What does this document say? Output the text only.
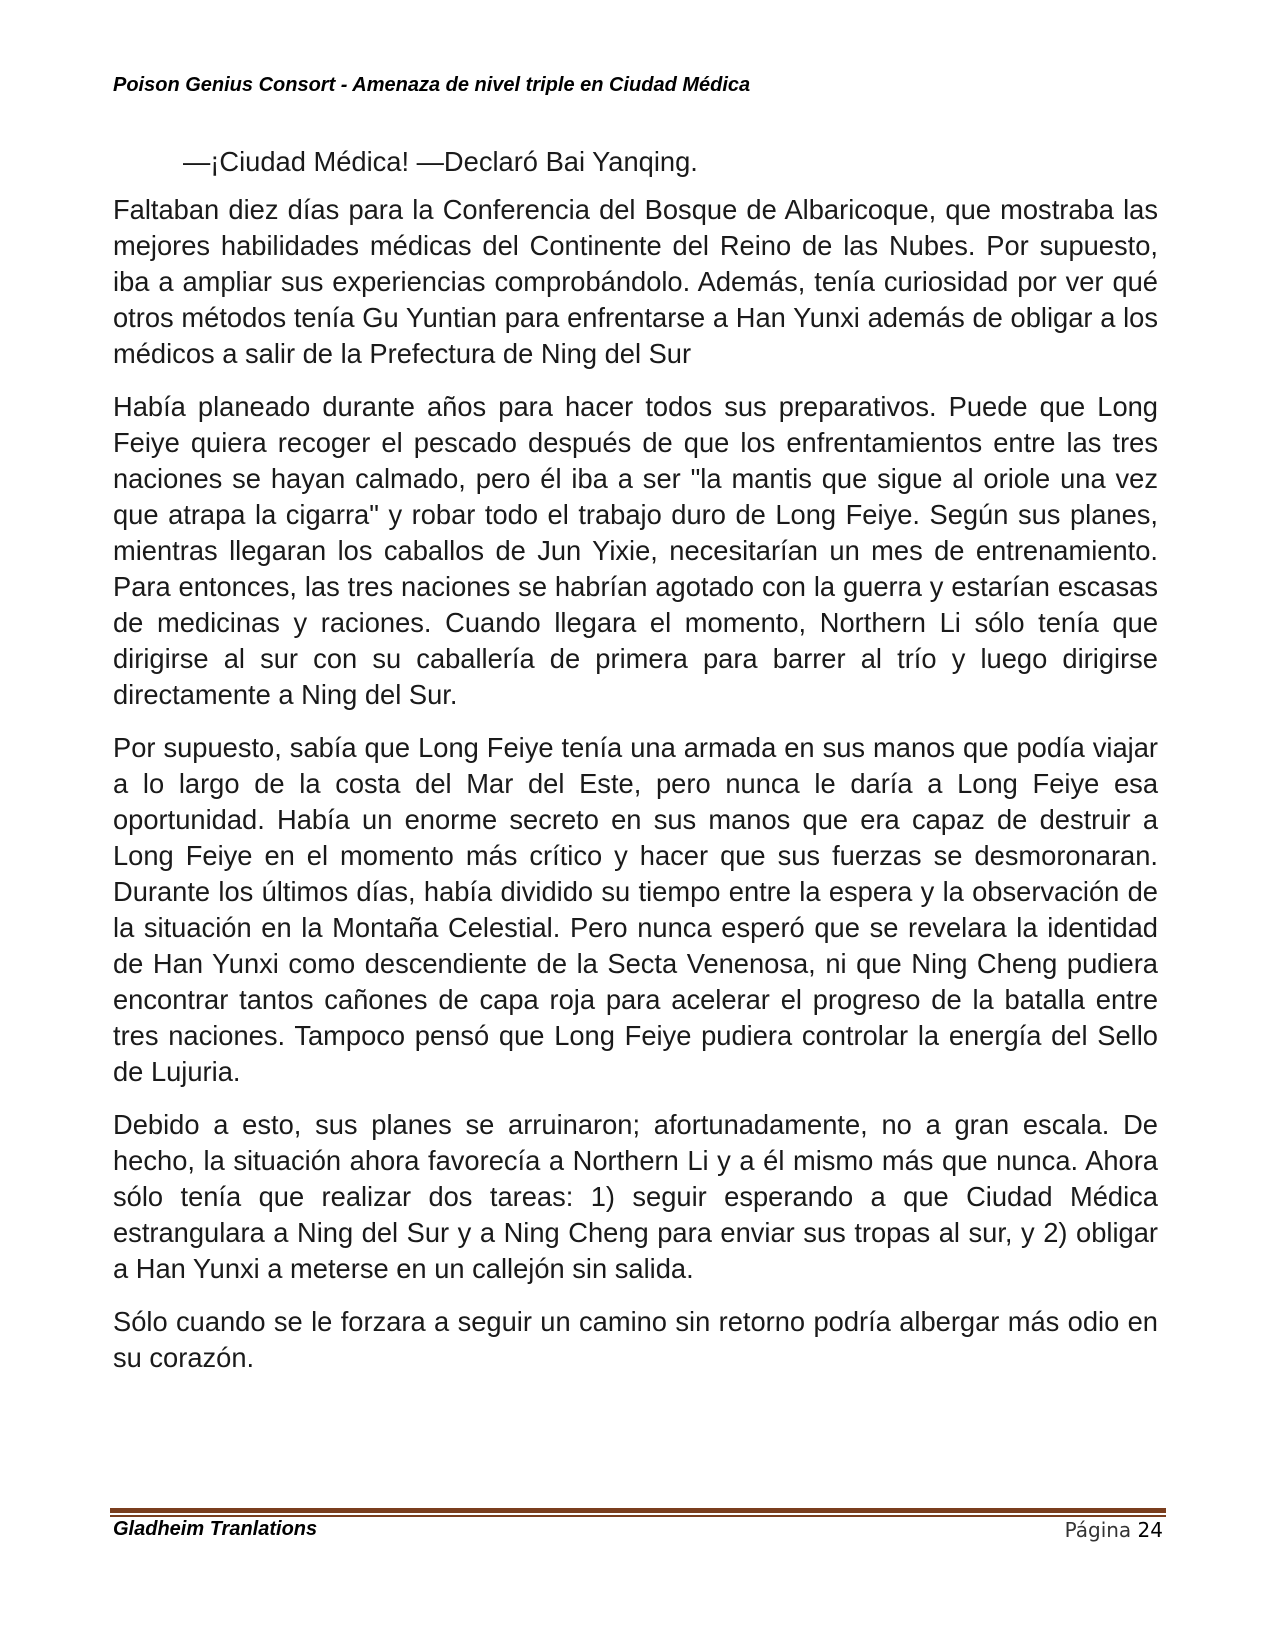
Poison Genius Consort - Amenaza de nivel triple en Ciudad Médica

—¡Ciudad Médica! —Declaró Bai Yanqing.

Faltaban diez días para la Conferencia del Bosque de Albaricoque, que mostraba las mejores habilidades médicas del Continente del Reino de las Nubes. Por supuesto, iba a ampliar sus experiencias comprobándolo. Además, tenía curiosidad por ver qué otros métodos tenía Gu Yuntian para enfrentarse a Han Yunxi además de obligar a los médicos a salir de la Prefectura de Ning del Sur

Había planeado durante años para hacer todos sus preparativos. Puede que Long Feiye quiera recoger el pescado después de que los enfrentamientos entre las tres naciones se hayan calmado, pero él iba a ser "la mantis que sigue al oriole una vez que atrapa la cigarra" y robar todo el trabajo duro de Long Feiye. Según sus planes, mientras llegaran los caballos de Jun Yixie, necesitarían un mes de entrenamiento. Para entonces, las tres naciones se habrían agotado con la guerra y estarían escasas de medicinas y raciones. Cuando llegara el momento, Northern Li sólo tenía que dirigirse al sur con su caballería de primera para barrer al trío y luego dirigirse directamente a Ning del Sur.

Por supuesto, sabía que Long Feiye tenía una armada en sus manos que podía viajar a lo largo de la costa del Mar del Este, pero nunca le daría a Long Feiye esa oportunidad. Había un enorme secreto en sus manos que era capaz de destruir a Long Feiye en el momento más crítico y hacer que sus fuerzas se desmoronaran. Durante los últimos días, había dividido su tiempo entre la espera y la observación de la situación en la Montaña Celestial. Pero nunca esperó que se revelara la identidad de Han Yunxi como descendiente de la Secta Venenosa, ni que Ning Cheng pudiera encontrar tantos cañones de capa roja para acelerar el progreso de la batalla entre tres naciones. Tampoco pensó que Long Feiye pudiera controlar la energía del Sello de Lujuria.

Debido a esto, sus planes se arruinaron; afortunadamente, no a gran escala. De hecho, la situación ahora favorecía a Northern Li y a él mismo más que nunca. Ahora sólo tenía que realizar dos tareas: 1) seguir esperando a que Ciudad Médica estrangulara a Ning del Sur y a Ning Cheng para enviar sus tropas al sur, y 2) obligar a Han Yunxi a meterse en un callejón sin salida.

Sólo cuando se le forzara a seguir un camino sin retorno podría albergar más odio en su corazón.

Gladheim Tranlations	Página 24
